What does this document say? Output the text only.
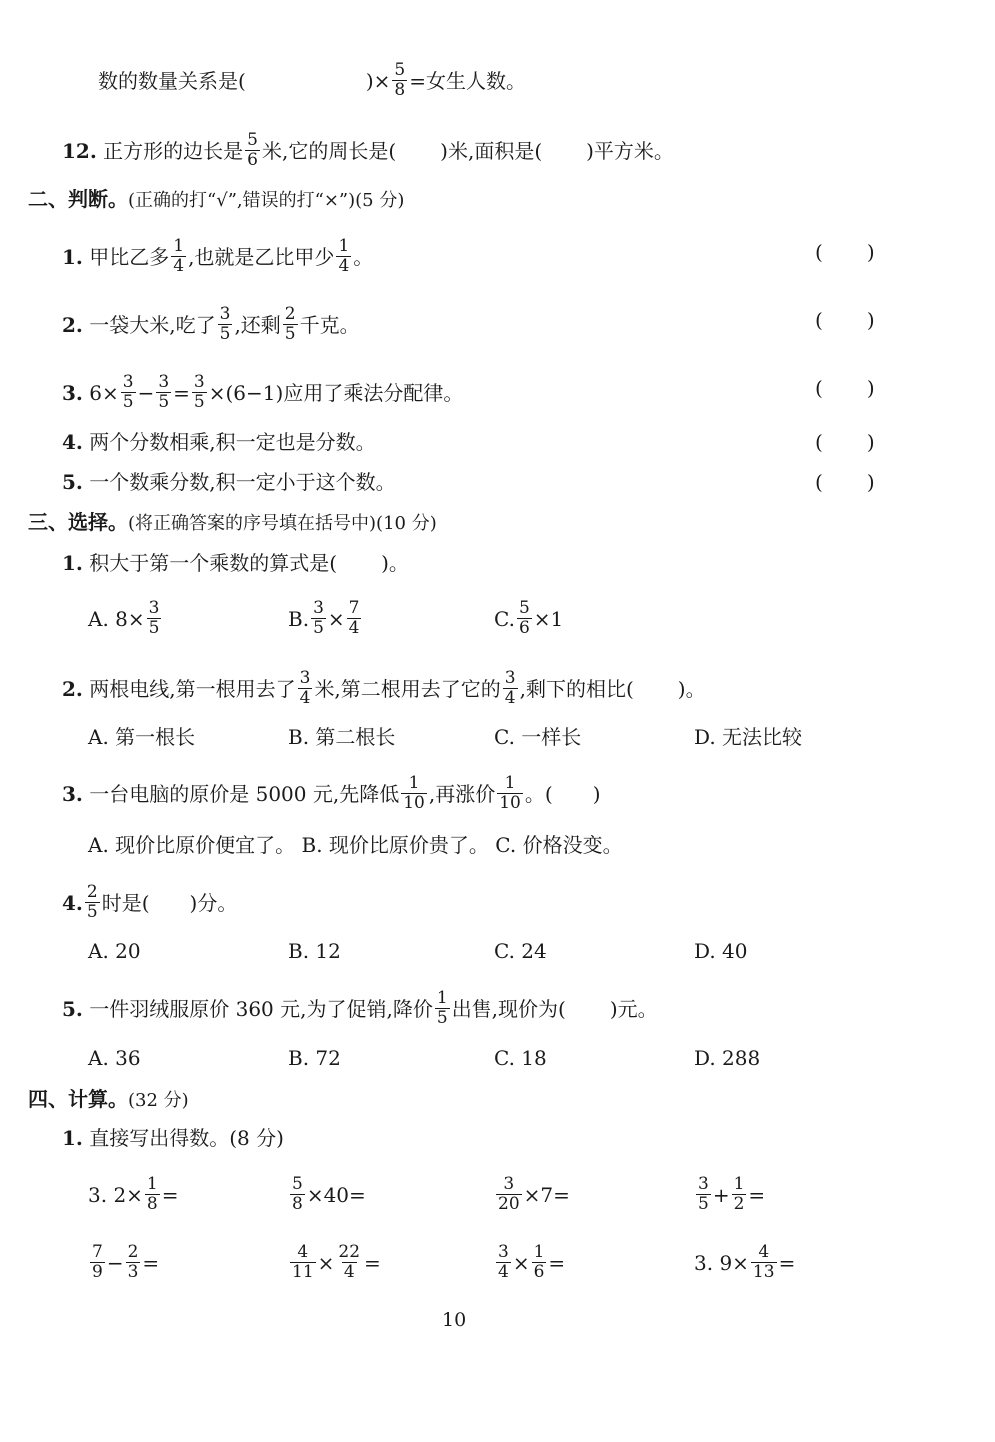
数的数量关系是(	)× $\frac{5}{8}$ =女生人数。
12. 正方形的边长是 $\frac{5}{6}$ 米,它的周长是( )米,面积是( )平方米。
二、判断。(正确的打“√”,错误的打“×”)(5 分)
1. 甲比乙多 $\frac{1}{4}$ ,也就是乙比甲少 $\frac{1}{4}$ 。	( )
2. 一袋大米,吃了 $\frac{3}{5}$ ,还剩 $\frac{2}{5}$ 千克。	( )
3. $6\times \frac{3}{5} - \frac{3}{5} = \frac{3}{5} \times(6-1)$应用了乘法分配律。	( )
4. 两个分数相乘,积一定也是分数。	( )
5. 一个数乘分数,积一定小于这个数。	( )
三、选择。(将正确答案的序号填在括号中)(10 分)
1. 积大于第一个乘数的算式是( )。
A. $8\times \frac{3}{5}$	B. $\frac{3}{5} \times \frac{7}{4}$	C. $\frac{5}{6} \times 1$
2. 两根电线,第一根用去了 $\frac{3}{4}$ 米,第二根用去了它的 $\frac{3}{4}$ ,剩下的相比( )。
A. 第一根长	B. 第二根长	C. 一样长	D. 无法比较
3. 一台电脑的原价是 5000 元,先降低 $\frac{1}{10}$ ,再涨价 $\frac{1}{10}$ 。( )
A. 现价比原价便宜了。 B. 现价比原价贵了。 C. 价格没变。
4. $\frac{2}{5}$ 时是( )分。
A. 20	B. 12	C. 24	D. 40
5. 一件羽绒服原价 360 元,为了促销,降价 $\frac{1}{5}$ 出售,现价为( )元。
A. 36	B. 72	C. 18	D. 288
四、计算。(32 分)
1. 直接写出得数。(8 分)
3. $2\times \frac{1}{8}$ =	$\frac{5}{8} \times 40=$	$\frac{3}{20} \times 7=$	$\frac{3}{5} + \frac{1}{2}$ =
$\frac{7}{9} - \frac{2}{3}$ =	$\frac{4}{11} \times \frac{22}{4}$ =	$\frac{3}{4} \times \frac{1}{6}$ =	3. $9\times \frac{4}{13}$ =
10
